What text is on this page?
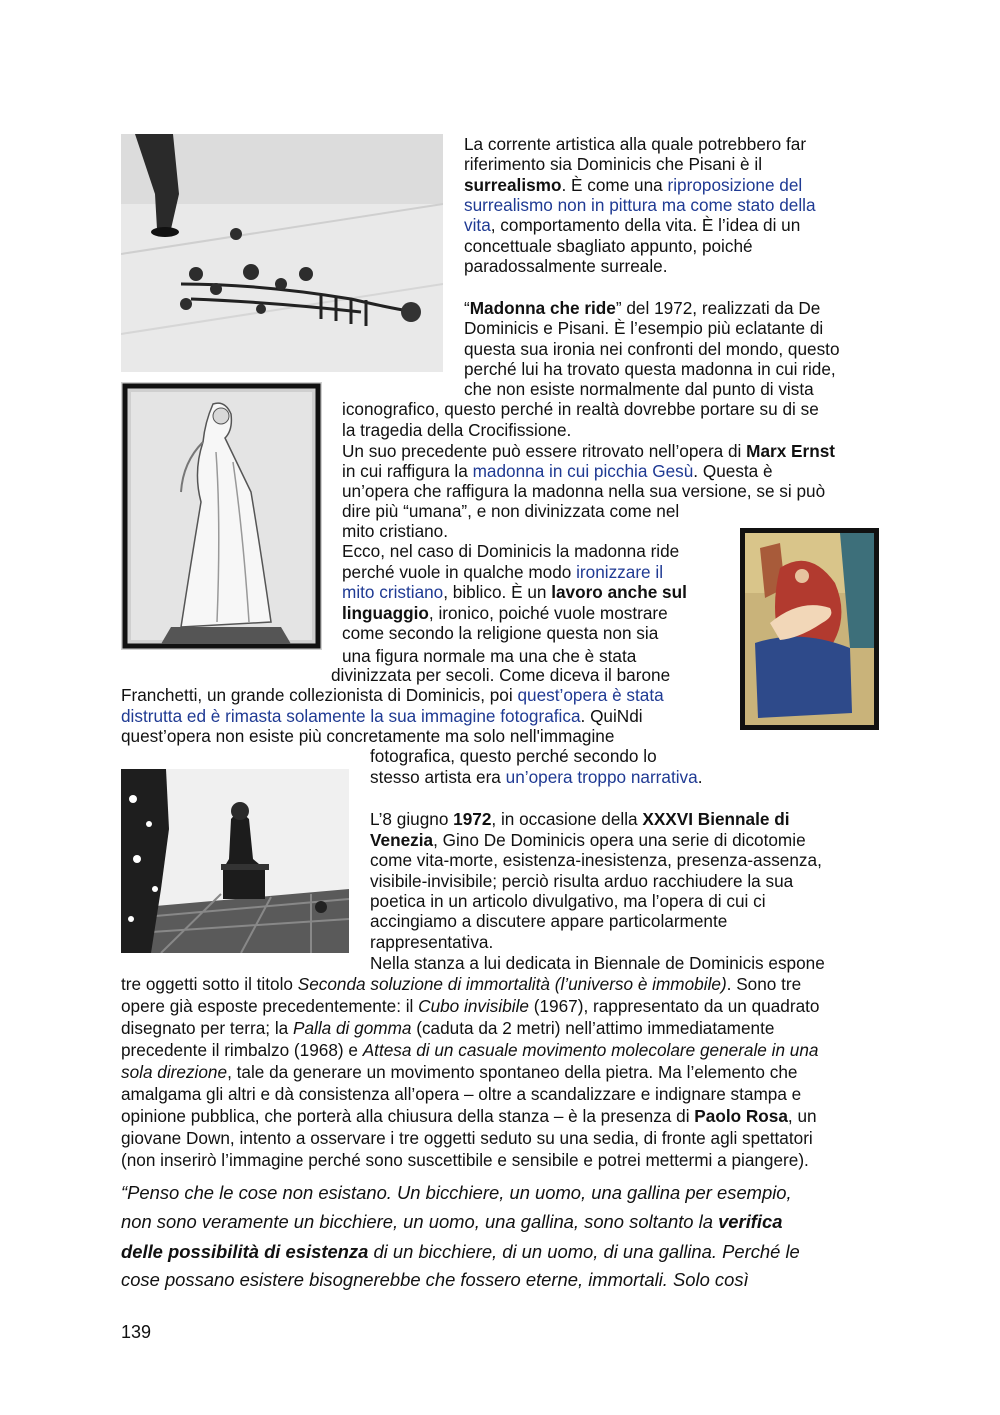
La corrente artistica alla quale potrebbero far
riferimento sia Dominicis che Pisani è il
surrealismo. È come una riproposizione del
surrealismo non in pittura ma come stato della
vita, comportamento della vita. È l’idea di un
concettuale sbagliato appunto, poiché
paradossalmente surreale.
“Madonna che ride” del 1972, realizzati da De
Dominicis e Pisani. È l’esempio più eclatante di
questa sua ironia nei confronti del mondo, questo
perché lui ha trovato questa madonna in cui ride,
che non esiste normalmente dal punto di vista
iconografico, questo perché in realtà dovrebbe portare su di se
la tragedia della Crocifissione.
Un suo precedente può essere ritrovato nell’opera di Marx Ernst
in cui raffigura la madonna in cui picchia Gesù. Questa è
un’opera che raffigura la madonna nella sua versione, se si può
dire più “umana”, e non divinizzata come nel
mito cristiano.
Ecco, nel caso di Dominicis la madonna ride
perché vuole in qualche modo ironizzare il
mito cristiano, biblico. È un lavoro anche sul
linguaggio, ironico, poiché vuole mostrare
come secondo la religione questa non sia
una figura normale ma una che è stata
divinizzata per secoli. Come diceva il barone
Franchetti, un grande collezionista di Dominicis, poi quest’opera è stata
distrutta ed è rimasta solamente la sua immagine fotografica. QuiNdi
quest’opera non esiste più concretamente ma solo nell'immagine
fotografica, questo perché secondo lo
stesso artista era un’opera troppo narrativa.
L’8 giugno 1972, in occasione della XXXVI Biennale di
Venezia, Gino De Dominicis opera una serie di dicotomie
come vita-morte, esistenza-inesistenza, presenza-assenza,
visibile-invisibile; perciò risulta arduo racchiudere la sua
poetica in un articolo divulgativo, ma l’opera di cui ci
accingiamo a discutere appare particolarmente
rappresentativa.
Nella stanza a lui dedicata in Biennale de Dominicis espone
tre oggetti sotto il titolo Seconda soluzione di immortalità (l’universo è immobile). Sono tre
opere già esposte precedentemente: il Cubo invisibile (1967), rappresentato da un quadrato
disegnato per terra; la Palla di gomma (caduta da 2 metri) nell’attimo immediatamente
precedente il rimbalzo (1968) e Attesa di un casuale movimento molecolare generale in una
sola direzione, tale da generare un movimento spontaneo della pietra. Ma l’elemento che
amalgama gli altri e dà consistenza all’opera – oltre a scandalizzare e indignare stampa e
opinione pubblica, che porterà alla chiusura della stanza – è la presenza di Paolo Rosa, un
giovane Down, intento a osservare i tre oggetti seduto su una sedia, di fronte agli spettatori
(non inserirò l’immagine perché sono suscettibile e sensibile e potrei mettermi a piangere).
“Penso che le cose non esistano. Un bicchiere, un uomo, una gallina per esempio,
non sono veramente un bicchiere, un uomo, una gallina, sono soltanto la verifica
delle possibilità di esistenza di un bicchiere, di un uomo, di una gallina. Perché le
cose possano esistere bisognerebbe che fossero eterne, immortali. Solo così
139
